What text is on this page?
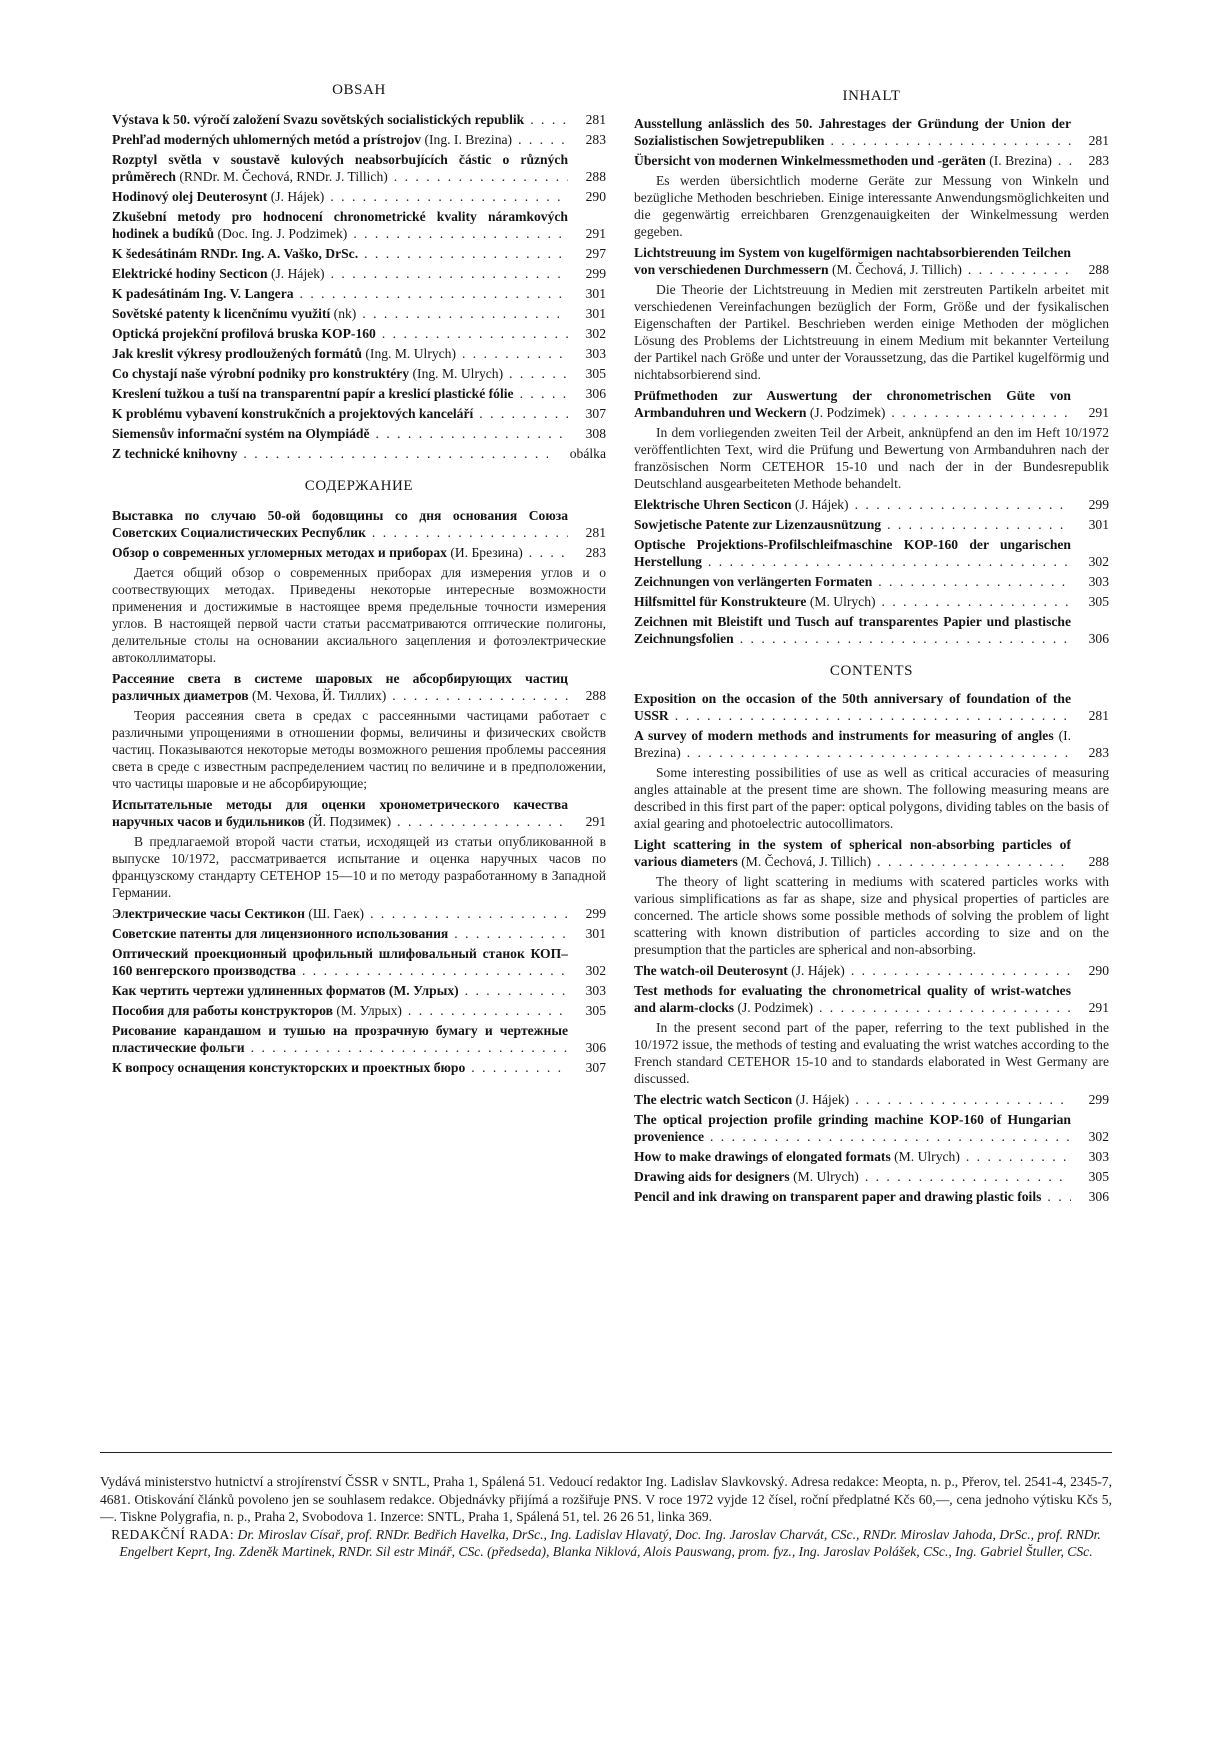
OBSAH
Výstava k 50. výročí založení Svazu sovětských socialistických republik . . .	281
Prehľad moderných uhlomerných metód a prístrojov (Ing. I. Brezina) . . .	283
Rozptyl světla v soustavě kulových neabsorbujících částic o různých průměrech (RNDr. M. Čechová, RNDr. J. Tillich) . . .	288
Hodinový olej Deuterosynt (J. Hájek) . . .	290
Zkušební metody pro hodnocení chronometrické kvality náramkových hodinek a budíků (Doc. Ing. J. Podzimek) . . .	291
K šedesátinám RNDr. Ing. A. Vaško, DrSc. . . .	297
Elektrické hodiny Secticon (J. Hájek) . . .	299
K padesátinám Ing. V. Langera . . .	301
Sovětské patenty k licenčnímu využití (nk) . . .	301
Optická projekční profilová bruska KOP-160 . . .	302
Jak kreslit výkresy prodloužených formátů (Ing. M. Ulrych) . . .	303
Co chystají naše výrobní podniky pro konstruktéry (Ing. M. Ulrych) . . .	305
Kreslení tužkou a tuší na transparentní papír a kreslicí plastické fólie . . .	306
K problému vybavení konstrukčních a projektových kanceláří . . .	307
Siemensův informační systém na Olympiádě . . .	308
Z technické knihovny . . .	obálka
СОДЕРЖАНИЕ
Выставка по случаю 50-ой бодовщины со дня основания Союза Советских Социалистических Республик . . .	281
Обзор о современных угломерных методах и приборах (И. Брезина) . . .	283

Дается общий обзор о современных приборах для измерения углов и о соотвествующих методах. Приведены некоторые интересные возможности применения и достижимые в настоящее время предельные точности измерения углов. В настоящей первой части статьи рассматриваются оптические полигоны, делительные столы на основании аксиального зацепления и фотоэлектрические автоколлиматоры.

Рассеяние света в системе шаровых не абсорбирующих частиц различных диаметров (М. Чехова, Й. Тиллих) . . .	288

Теория рассеяния света в средах с рассеянными частицами работает с различными упрощениями в отношении формы, величины и физических свойств частиц. Показываются некоторые методы возможного решения проблемы рассеяния света в среде с известным распределением частиц по величине и в предположении, что частицы шаровые и не абсорбирующие;

Испытательные методы для оценки хронометрического качества наручных часов и будильников (Й. Подзимек) . . .	291

В предлагаемой второй части статьи, исходящей из статьи опубликованной в выпуске 10/1972, рассматривается испытание и оценка наручных часов по французскому стандарту СЕТЕНОР 15—10 и по методу разработанному в Западной Германии.

Электрические часы Сектикон (Ш. Гаек) . . .	299
Советские патенты для лицензионного использования . . .	301
Оптический проекционный црофильный шлифовальный станок КОП–160 венгерского производства . . .	302
Как чертить чертежи удлиненных форматов (М. Улрых) . . .	303
Пособия для работы конструкторов (М. Улрых) . . .	305
Рисование карандашом и тушью на прозрачную бумагу и чертежные пластические фольги . . .	306
К вопросу оснащения констукторских и проектных бюро . . .	307
INHALT
Ausstellung anlässlich des 50. Jahrestages der Gründung der Union der Sozialistischen Sowjetrepubliken . . .	281
Übersicht von modernen Winkelmessmethoden und -geräten (I. Brezina) . . .	283

Es werden übersichtlich moderne Geräte zur Messung von Winkeln und bezügliche Methoden beschrieben. Einige interessante Anwendungsmöglichkeiten und die gegenwärtig erreichbaren Grenzgenauigkeiten der Winkelmessung werden gegeben.

Lichtstreuung im System von kugelförmigen nachtabsorbierenden Teilchen von verschiedenen Durchmessern (M. Čechová, J. Tillich) . . .	288

Die Theorie der Lichtstreuung in Medien mit zerstreuten Partikeln arbeitet mit verschiedenen Vereinfachungen bezüglich der Form, Größe und der fysikalischen Eigenschaften der Partikel. Beschrieben werden einige Methoden der möglichen Lösung des Problems der Lichtstreuung in einem Medium mit bekannter Verteilung der Partikel nach Größe und unter der Voraussetzung, das die Partikel kugelförmig und nichtabsorbierend sind.

Prüfmethoden zur Auswertung der chronometrischen Güte von Armbanduhren und Weckern (J. Podzimek) . . .	291

In dem vorliegenden zweiten Teil der Arbeit, anknüpfend an den im Heft 10/1972 veröffentlichten Text, wird die Prüfung und Bewertung von Armbanduhren nach der französischen Norm CETEHOR 15-10 und nach der in der Bundesrepublik Deutschland ausgearbeiteten Methode behandelt.

Elektrische Uhren Secticon (J. Hájek) . . .	299
Sowjetische Patente zur Lizenzausnützung . . .	301
Optische Projektions-Profilschleifmaschine KOP-160 der ungarischen Herstellung . . .	302
Zeichnungen von verlängerten Formaten . . .	303
Hilfsmittel für Konstrukteure (M. Ulrych) . . .	305
Zeichnen mit Bleistift und Tusch auf transparentes Papier und plastische Zeichnungsfolien . . .	306
CONTENTS
Exposition on the occasion of the 50th anniversary of foundation of the USSR . . .	281
A survey of modern methods and instruments for measuring of angles (I. Brezina) . . .	283

Some interesting possibilities of use as well as critical accuracies of measuring angles attainable at the present time are shown. The following measuring means are described in this first part of the paper: optical polygons, dividing tables on the basis of axial gearing and photoelectric autocollimators.

Light scattering in the system of spherical non-absorbing particles of various diameters (M. Čechová, J. Tillich) . . .	288

The theory of light scattering in mediums with scatered particles works with various simplifications as far as shape, size and physical properties of particles are concerned. The article shows some possible methods of solving the problem of light scattering with known distribution of particles according to size and on the presumption that the particles are spherical and non-absorbing.

The watch-oil Deuterosynt (J. Hájek) . . .	290
Test methods for evaluating the chronometrical quality of wrist-watches and alarm-clocks (J. Podzimek) . . .	291

In the present second part of the paper, referring to the text published in the 10/1972 issue, the methods of testing and evaluating the wrist watches according to the French standard CETEHOR 15-10 and to standards elaborated in West Germany are discussed.

The electric watch Secticon (J. Hájek) . . .	299
The optical projection profile grinding machine KOP-160 of Hungarian provenience . . .	302
How to make drawings of elongated formats (M. Ulrych) . . .	303
Drawing aids for designers (M. Ulrych) . . .	305
Pencil and ink drawing on transparent paper and drawing plastic foils . . .	306

Vydává ministerstvo hutnictví a strojírenství ČSSR v SNTL, Praha 1, Spálená 51. Vedoucí redaktor Ing. Ladislav Slavkovský. Adresa redakce: Meopta, n. p., Přerov, tel. 2541-4, 2345-7, 4681. Otiskování článků povoleno jen se souhlasem redakce. Objednávky přijímá a rozšiřuje PNS. V roce 1972 vyjde 12 čísel, roční předplatné Kčs 60,—, cena jednoho výtisku Kčs 5,—. Tiskne Polygrafia, n. p., Praha 2, Svobodova 1. Inzerce: SNTL, Praha 1, Spálená 51, tel. 26 26 51, linka 369.

REDAKČNÍ RADA: Dr. Miroslav Císař, prof. RNDr. Bedřich Havelka, DrSc., Ing. Ladislav Hlavatý, Doc. Ing. Jaroslav Charvát, CSc., RNDr. Miroslav Jahoda, DrSc., prof. RNDr. Engelbert Keprt, Ing. Zdeněk Martinek, RNDr. Sil estr Minář, CSc. (předseda), Blanka Niklová, Alois Pauswang, prom. fyz., Ing. Jaroslav Polášek, CSc., Ing. Gabriel Štuller, CSc.
